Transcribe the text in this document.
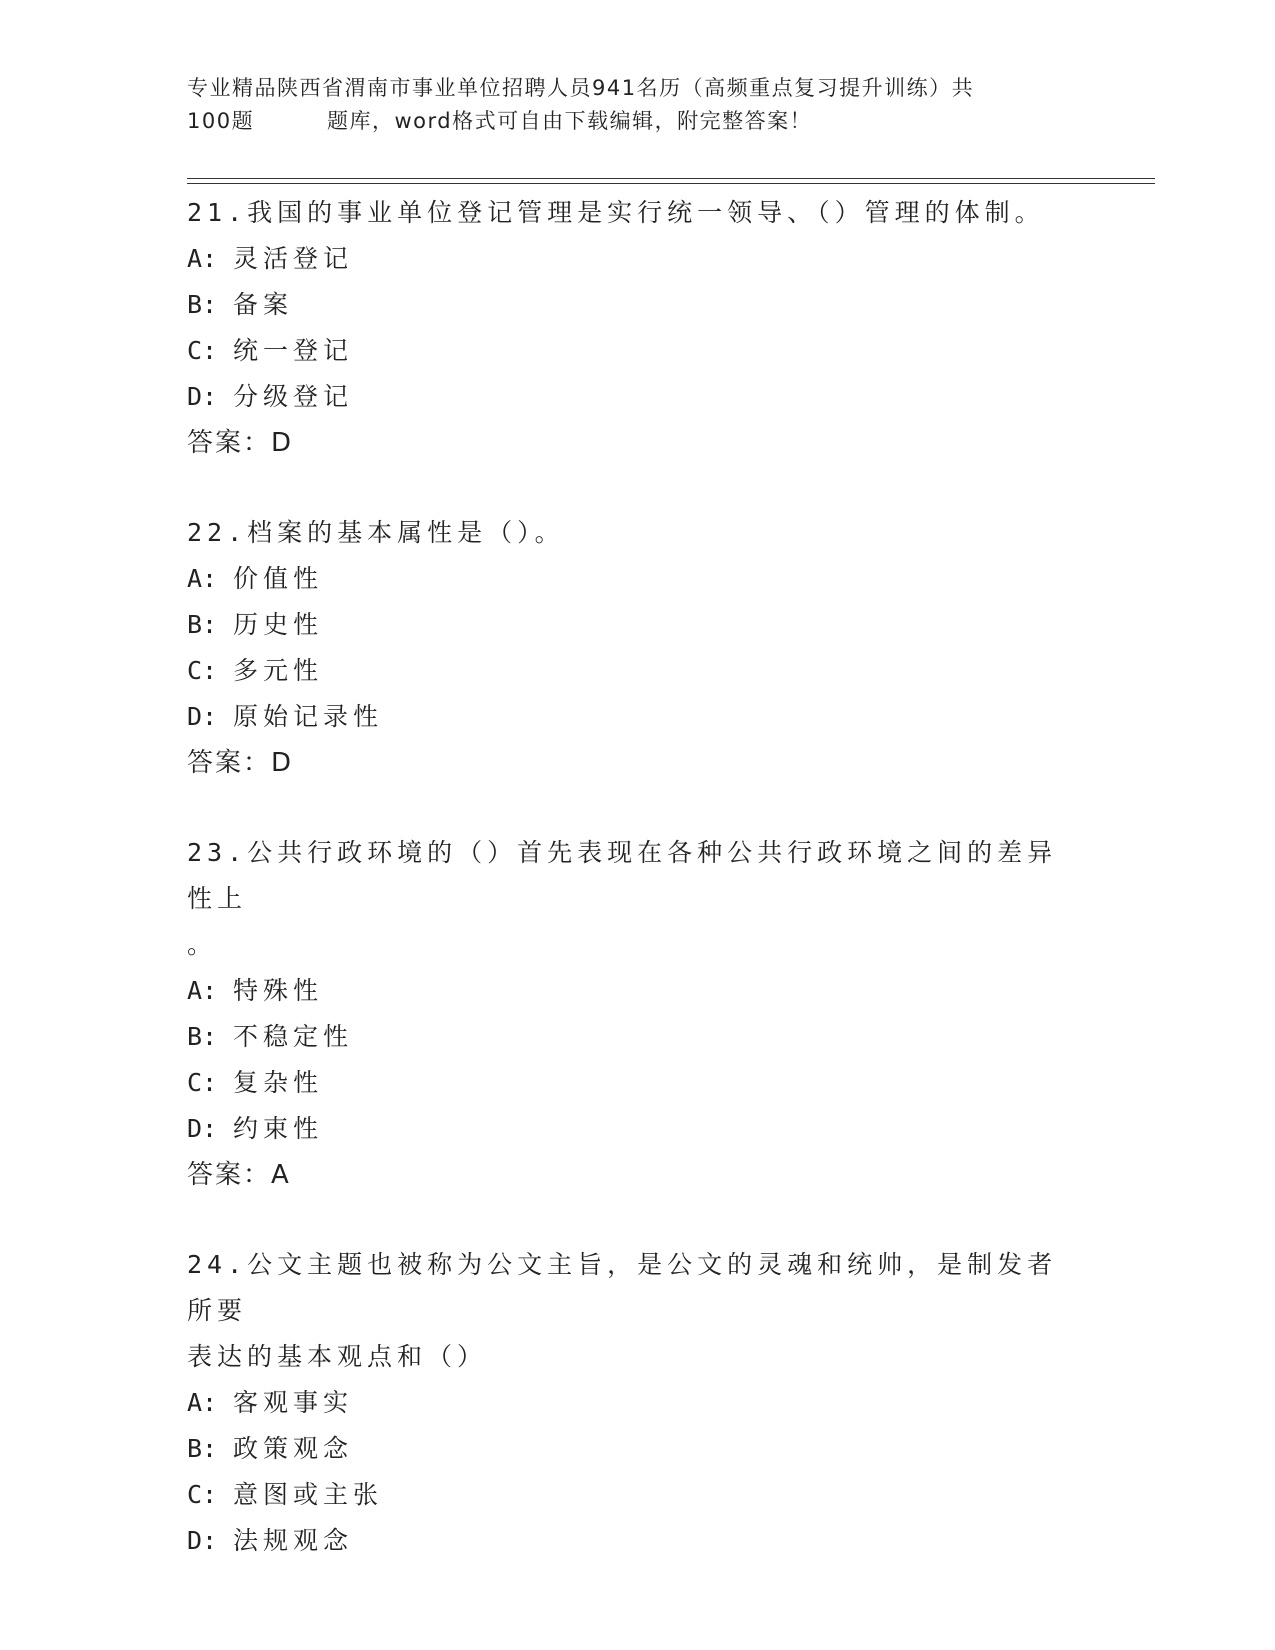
专业精品陕西省渭南市事业单位招聘人员941名历（高频重点复习提升训练）共
100题	题库，word格式可自由下载编辑，附完整答案！

21.我国的事业单位登记管理是实行统一领导、（）管理的体制。

A: 灵活登记
B: 备案
C: 统一登记
D: 分级登记

答案：D

22.档案的基本属性是（）。

A: 价值性
B: 历史性
C: 多元性
D: 原始记录性

答案：D

23.公共行政环境的（）首先表现在各种公共行政环境之间的差异性上

。

A: 特殊性
B: 不稳定性
C: 复杂性
D: 约束性

答案：A

24.公文主题也被称为公文主旨，是公文的灵魂和统帅，是制发者所要

表达的基本观点和（）

A: 客观事实
B: 政策观念
C: 意图或主张
D: 法规观念
